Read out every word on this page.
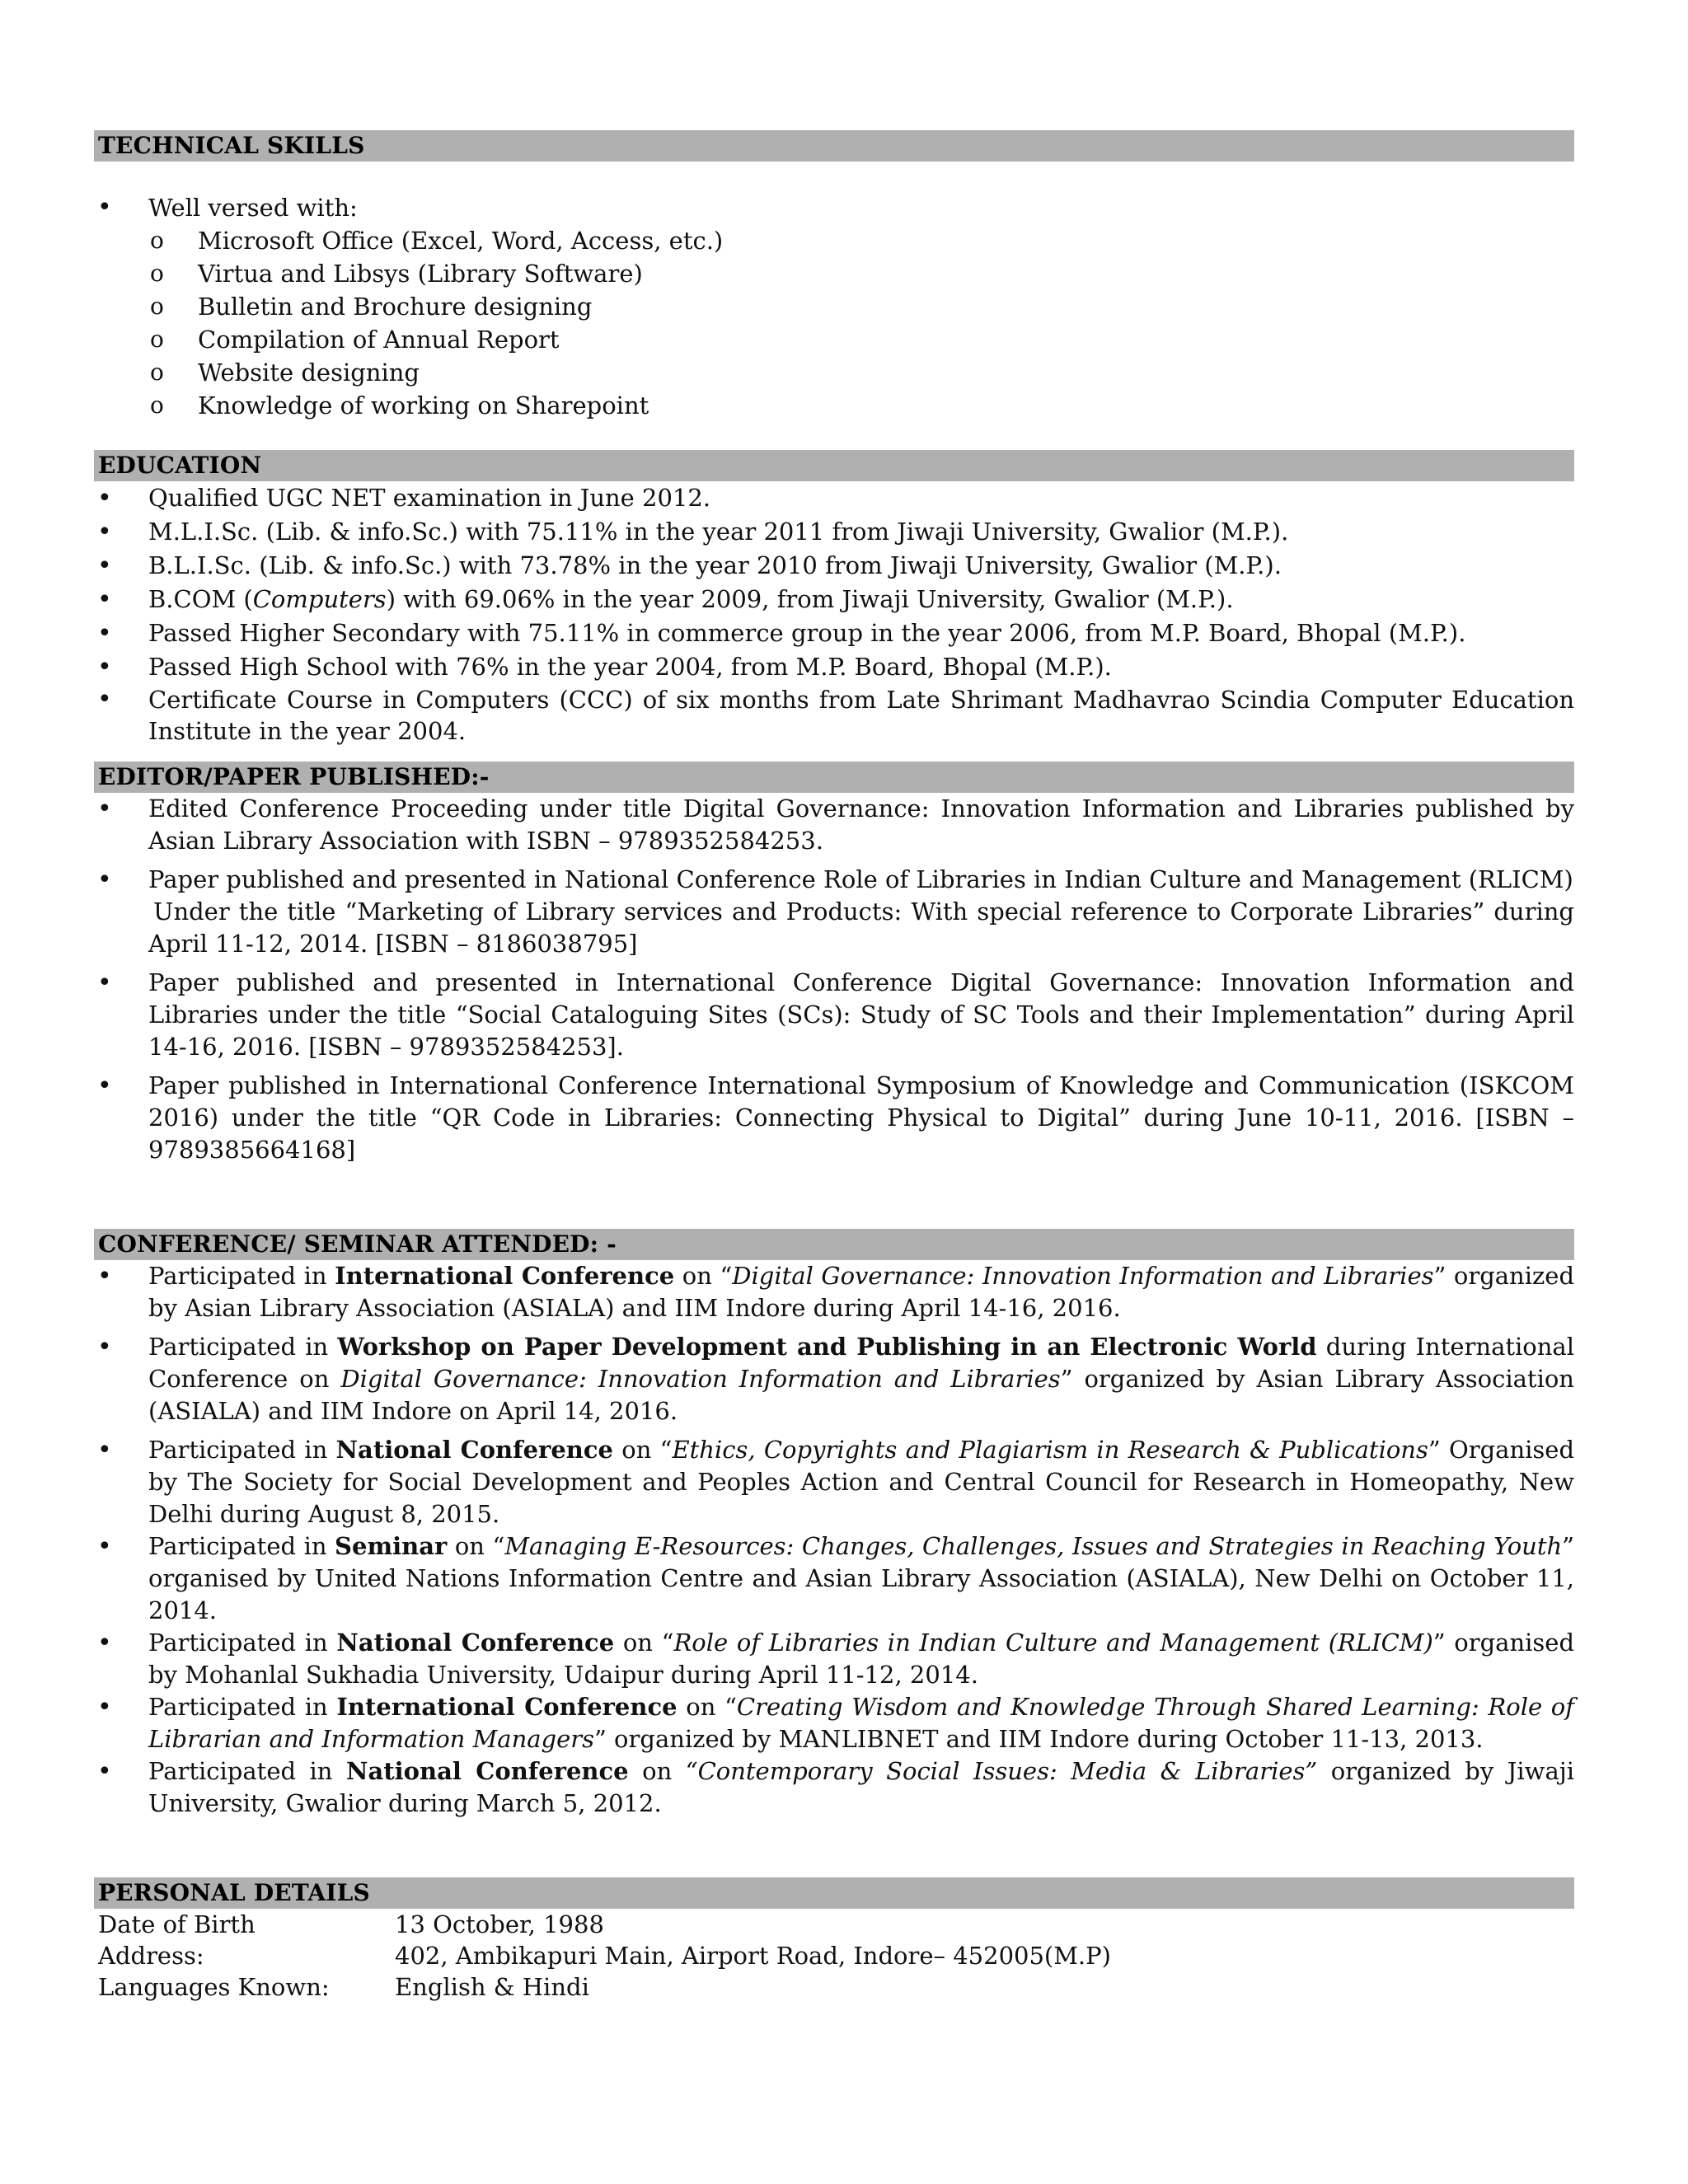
TECHNICAL SKILLS
• Well versed with:
o Microsoft Office (Excel, Word, Access, etc.)
o Virtua and Libsys (Library Software)
o Bulletin and Brochure designing
o Compilation of Annual Report
o Website designing
o Knowledge of working on Sharepoint
EDUCATION
• Qualified UGC NET examination in June 2012.
• M.L.I.Sc. (Lib. & info.Sc.) with 75.11% in the year 2011 from Jiwaji University, Gwalior (M.P.).
• B.L.I.Sc. (Lib. & info.Sc.) with 73.78% in the year 2010 from Jiwaji University, Gwalior (M.P.).
• B.COM (Computers) with 69.06% in the year 2009, from Jiwaji University, Gwalior (M.P.).
• Passed Higher Secondary with 75.11% in commerce group in the year 2006, from M.P. Board, Bhopal (M.P.).
• Passed High School with 76% in the year 2004, from M.P. Board, Bhopal (M.P.).
• Certificate Course in Computers (CCC) of six months from Late Shrimant Madhavrao Scindia Computer Education Institute in the year 2004.
EDITOR/PAPER PUBLISHED:-
• Edited Conference Proceeding under title Digital Governance: Innovation Information and Libraries published by Asian Library Association with ISBN – 9789352584253.
• Paper published and presented in National Conference Role of Libraries in Indian Culture and Management (RLICM)
Under the title “Marketing of Library services and Products: With special reference to Corporate Libraries” during April 11-12, 2014. [ISBN – 8186038795]
• Paper published and presented in International Conference Digital Governance: Innovation Information and Libraries under the title “Social Cataloguing Sites (SCs): Study of SC Tools and their Implementation” during April 14-16, 2016. [ISBN – 9789352584253].
• Paper published in International Conference International Symposium of Knowledge and Communication (ISKCOM 2016) under the title “QR Code in Libraries: Connecting Physical to Digital” during June 10-11, 2016. [ISBN – 9789385664168]
CONFERENCE/ SEMINAR ATTENDED: -
• Participated in International Conference on “Digital Governance: Innovation Information and Libraries” organized by Asian Library Association (ASIALA) and IIM Indore during April 14-16, 2016.
• Participated in Workshop on Paper Development and Publishing in an Electronic World during International Conference on Digital Governance: Innovation Information and Libraries” organized by Asian Library Association (ASIALA) and IIM Indore on April 14, 2016.
• Participated in National Conference on “Ethics, Copyrights and Plagiarism in Research & Publications” Organised by The Society for Social Development and Peoples Action and Central Council for Research in Homeopathy, New Delhi during August 8, 2015.
• Participated in Seminar on “Managing E-Resources: Changes, Challenges, Issues and Strategies in Reaching Youth” organised by United Nations Information Centre and Asian Library Association (ASIALA), New Delhi on October 11, 2014.
• Participated in National Conference on “Role of Libraries in Indian Culture and Management (RLICM)” organised by Mohanlal Sukhadia University, Udaipur during April 11-12, 2014.
• Participated in International Conference on “Creating Wisdom and Knowledge Through Shared Learning: Role of Librarian and Information Managers” organized by MANLIBNET and IIM Indore during October 11-13, 2013.
• Participated in National Conference on “Contemporary Social Issues: Media & Libraries” organized by Jiwaji University, Gwalior during March 5, 2012.
PERSONAL DETAILS
Date of Birth	13 October, 1988
Address:	402, Ambikapuri Main, Airport Road, Indore– 452005(M.P)
Languages Known:	English & Hindi
